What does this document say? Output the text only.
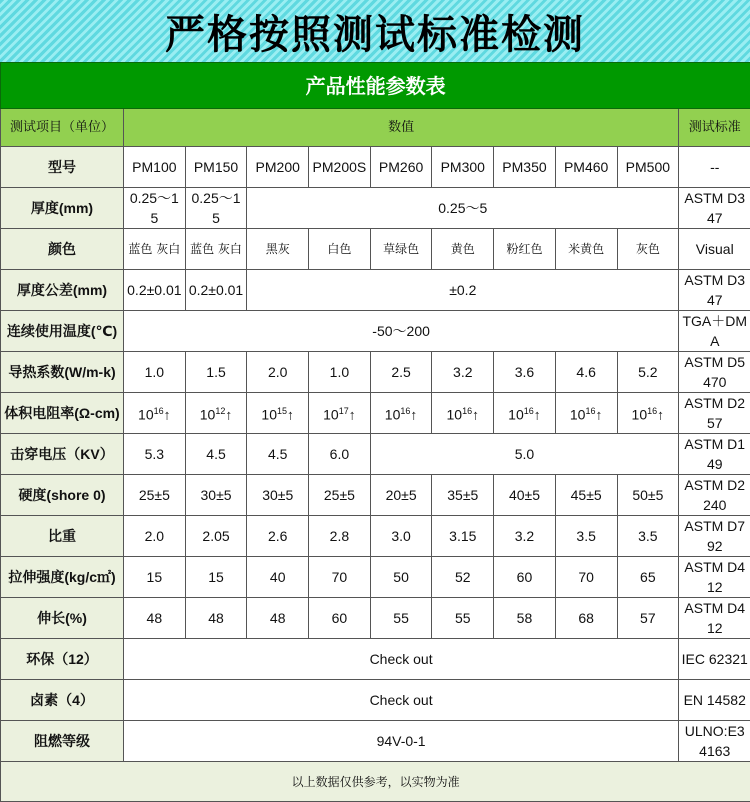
严格按照测试标准检测
产品性能参数表										
测试项目（单位）	数值									测试标准
型号	PM100	PM150	PM200	PM200S	PM260	PM300	PM350	PM460	PM500	--
厚度(mm)	0.25～15	0.25～15	0.25～5							ASTM D347
颜色	蓝色 灰白	蓝色 灰白	黑灰	白色	草绿色	黄色	粉红色	米黄色	灰色	Visual
厚度公差(mm)	0.2±0.01	0.2±0.01	±0.2							ASTM D347
连续使用温度(℃)	-50～200									TGA＋DMA
导热系数(W/m-k)	1.0	1.5	2.0	1.0	2.5	3.2	3.6	4.6	5.2	ASTM D5470
体积电阻率(Ω-cm)	$10^{16}↑$	$10^{12}↑$	$10^{15}↑$	$10^{17}↑$	$10^{16}↑$	$10^{16}↑$	$10^{16}↑$	$10^{16}↑$	$10^{16}↑$	ASTM D257
击穿电压（KV）	5.3	4.5	4.5	6.0	5.0					ASTM D149
硬度(shore 0)	25±5	30±5	30±5	25±5	20±5	35±5	40±5	45±5	50±5	ASTM D2240
比重	2.0	2.05	2.6	2.8	3.0	3.15	3.2	3.5	3.5	ASTM D792
拉伸强度(kg/c㎡)	15	15	40	70	50	52	60	70	65	ASTM D412
伸长(%)	48	48	48	60	55	55	58	68	57	ASTM D412
环保（12）	Check out									IEC 62321
卤素（4）	Check out									EN 14582
阻燃等级	94V-0-1									ULNO:E34163
以上数据仅供参考，以实物为准										
